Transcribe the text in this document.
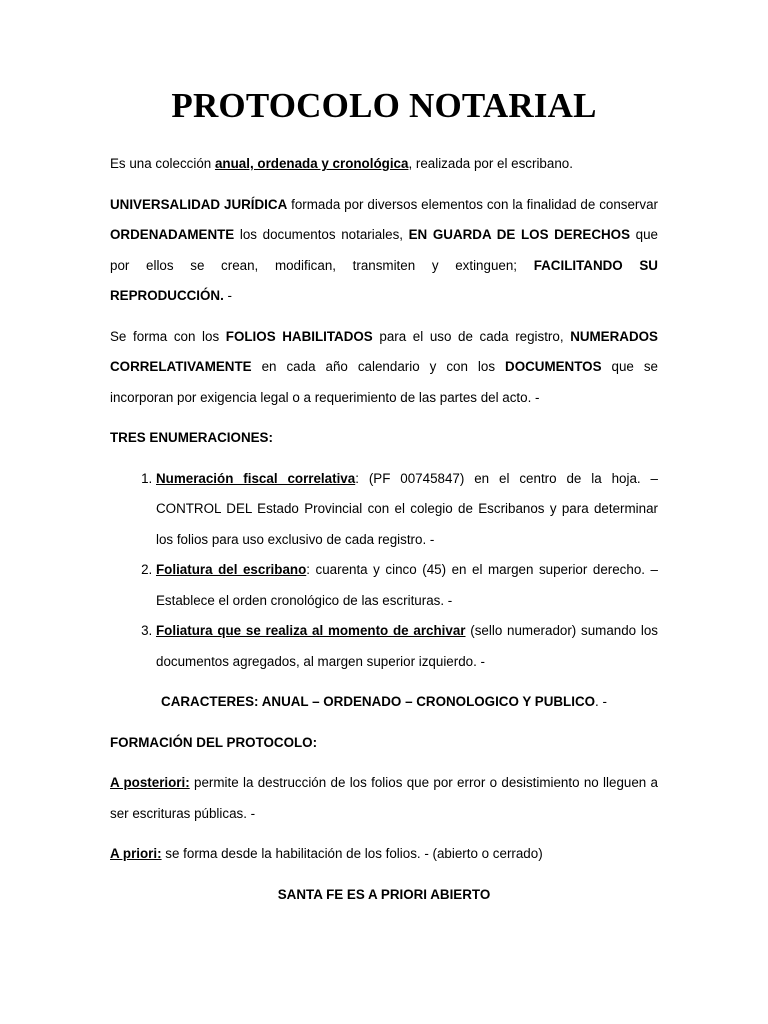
PROTOCOLO NOTARIAL

Es una colección anual, ordenada y cronológica, realizada por el escribano.

UNIVERSALIDAD JURÍDICA formada por diversos elementos con la finalidad de conservar ORDENADAMENTE los documentos notariales, EN GUARDA DE LOS DERECHOS que por ellos se crean, modifican, transmiten y extinguen; FACILITANDO SU REPRODUCCIÓN. -

Se forma con los FOLIOS HABILITADOS para el uso de cada registro, NUMERADOS CORRELATIVAMENTE en cada año calendario y con los DOCUMENTOS que se incorporan por exigencia legal o a requerimiento de las partes del acto. -

TRES ENUMERACIONES:

1. Numeración fiscal correlativa: (PF 00745847) en el centro de la hoja. – CONTROL DEL Estado Provincial con el colegio de Escribanos y para determinar los folios para uso exclusivo de cada registro. -
2. Foliatura del escribano: cuarenta y cinco (45) en el margen superior derecho. – Establece el orden cronológico de las escrituras. -
3. Foliatura que se realiza al momento de archivar (sello numerador) sumando los documentos agregados, al margen superior izquierdo. -

CARACTERES: ANUAL – ORDENADO – CRONOLOGICO Y PUBLICO. -

FORMACIÓN DEL PROTOCOLO:

A posteriori: permite la destrucción de los folios que por error o desistimiento no lleguen a ser escrituras públicas. -

A priori: se forma desde la habilitación de los folios. - (abierto o cerrado)

SANTA FE ES A PRIORI ABIERTO
